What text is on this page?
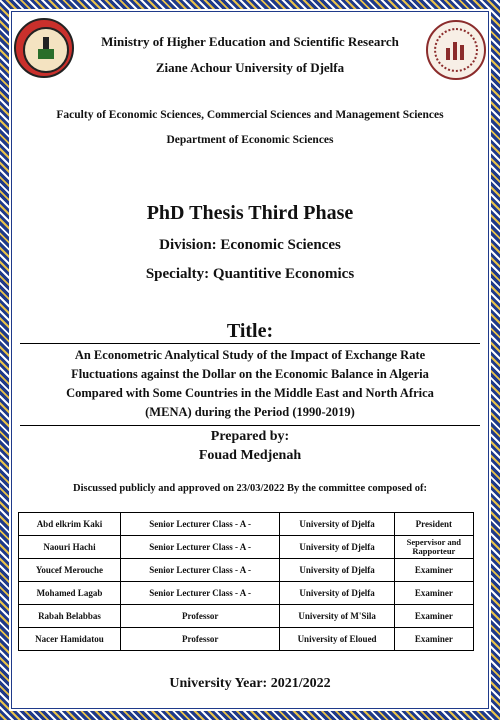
Ministry of Higher Education and Scientific Research
Ziane Achour University of Djelfa
Faculty of Economic Sciences, Commercial Sciences and Management Sciences
Department of Economic Sciences
PhD Thesis Third Phase
Division: Economic Sciences
Specialty: Quantitive Economics
Title:
An Econometric Analytical Study of the Impact of Exchange Rate
Fluctuations against the Dollar on the Economic Balance in Algeria
Compared with Some Countries in the Middle East and North Africa
(MENA) during the Period (1990-2019)
Prepared by:
Fouad Medjenah
Discussed publicly and approved on 23/03/2022 By the committee composed of:
Abd elkrim Kaki	Senior Lecturer Class - A -	University of Djelfa	President
Naouri Hachi	Senior Lecturer Class - A -	University of Djelfa	Sepervisor and Rapporteur
Youcef Merouche	Senior Lecturer Class - A -	University of Djelfa	Examiner
Mohamed Lagab	Senior Lecturer Class - A -	University of Djelfa	Examiner
Rabah Belabbas	Professor	University of M'Sila	Examiner
Nacer Hamidatou	Professor	University of Eloued	Examiner
University Year: 2021/2022
